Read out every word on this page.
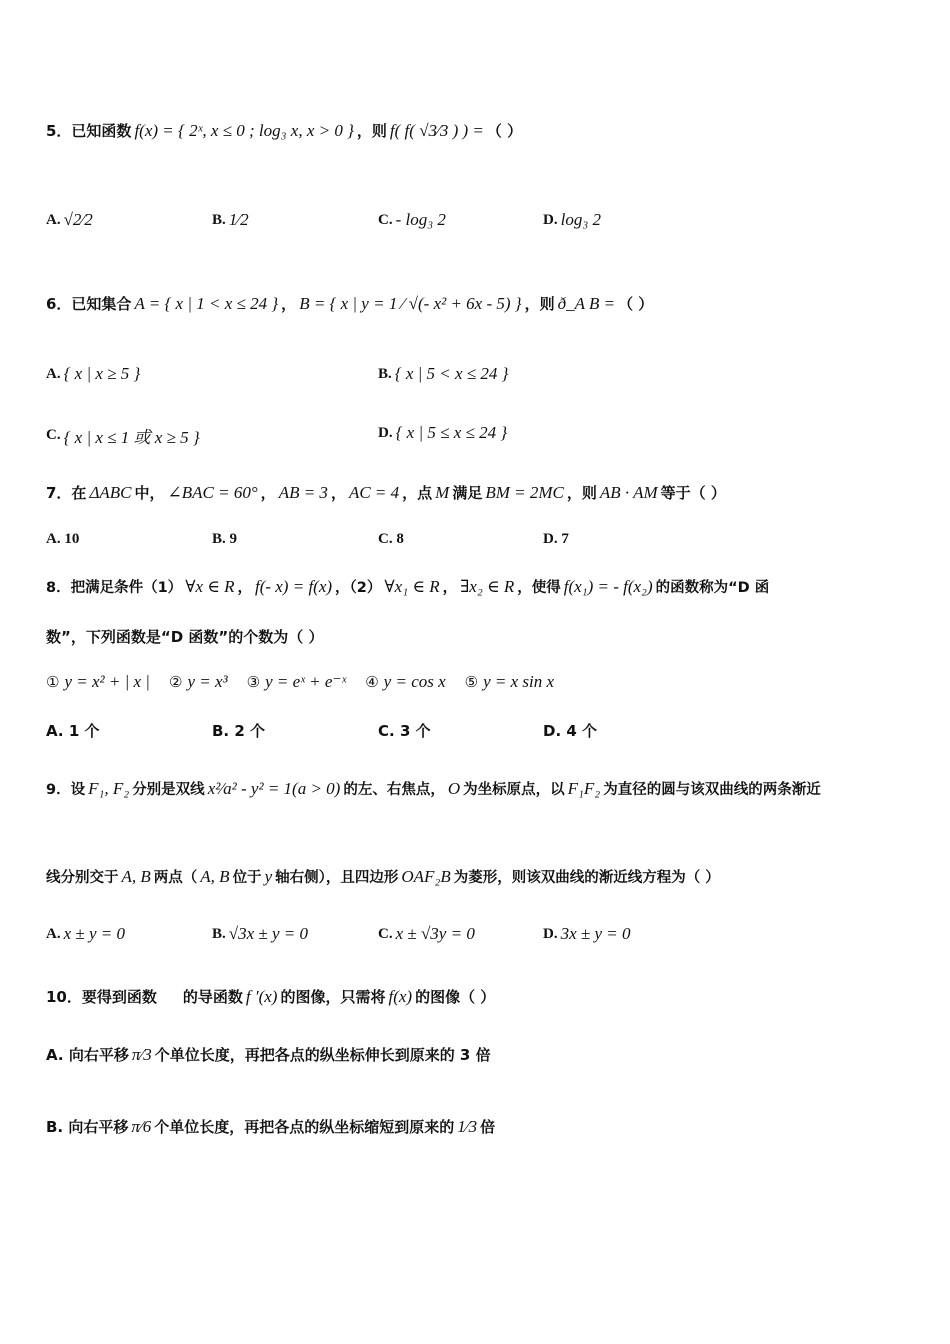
5．已知函数 f(x) = { 2ˣ, x ≤ 0 ; log₃ x, x > 0 } ，则 f( f( √3⁄3 ) ) = （ ）
A. √2⁄2	B. 1⁄2	C. - log₃ 2	D. log₃ 2
6．已知集合 A = { x | 1 < x ≤ 24 } ， B = { x | y = 1 ⁄ √(- x² + 6x - 5) } ，则 ð_A B = （ ）
A. { x | x ≥ 5 }	B. { x | 5 < x ≤ 24 }
C. { x | x ≤ 1 或 x ≥ 5 }	D. { x | 5 ≤ x ≤ 24 }
7．在 ΔABC 中， ∠BAC = 60° ， AB = 3 ， AC = 4 ，点 M 满足 BM = 2MC ，则 AB · AM 等于（ ）
A.
10	B.
9	C.
8	D.
7
8．把满足条件（1） ∀x ∈ R ， f(- x) = f(x) ，（2） ∀x₁ ∈ R ， ∃x₂ ∈ R ，使得 f(x₁) = - f(x₂) 的函数称为“D 函
数”，下列函数是“D 函数”的个数为（ ）
① y = x² + | x | ② y = x³ ③ y = eˣ + e⁻ˣ ④ y = cos x ⑤ y = x sin x
A.
1 个	B.
2 个	C.
3 个	D.
4 个
9．设 F₁, F₂ 分别是双线 x²⁄a² - y² = 1(a > 0) 的左、右焦点， O 为坐标原点，以 F₁F₂ 为直径的圆与该双曲线的两条渐近
线分别交于 A, B 两点（ A, B 位于 y 轴右侧），且四边形 OAF₂B 为菱形，则该双曲线的渐近线方程为（ ）
A. x ± y = 0	B. √3x ± y = 0	C. x ± √3y = 0	D. 3x ± y = 0
10．要得到函数 的导函数 f ′(x) 的图像，只需将 f(x) 的图像（ ）
A.
向右平移 π⁄3 个单位长度，再把各点的纵坐标伸长到原来的 3 倍
B.
向右平移 π⁄6 个单位长度，再把各点的纵坐标缩短到原来的 1⁄3 倍
